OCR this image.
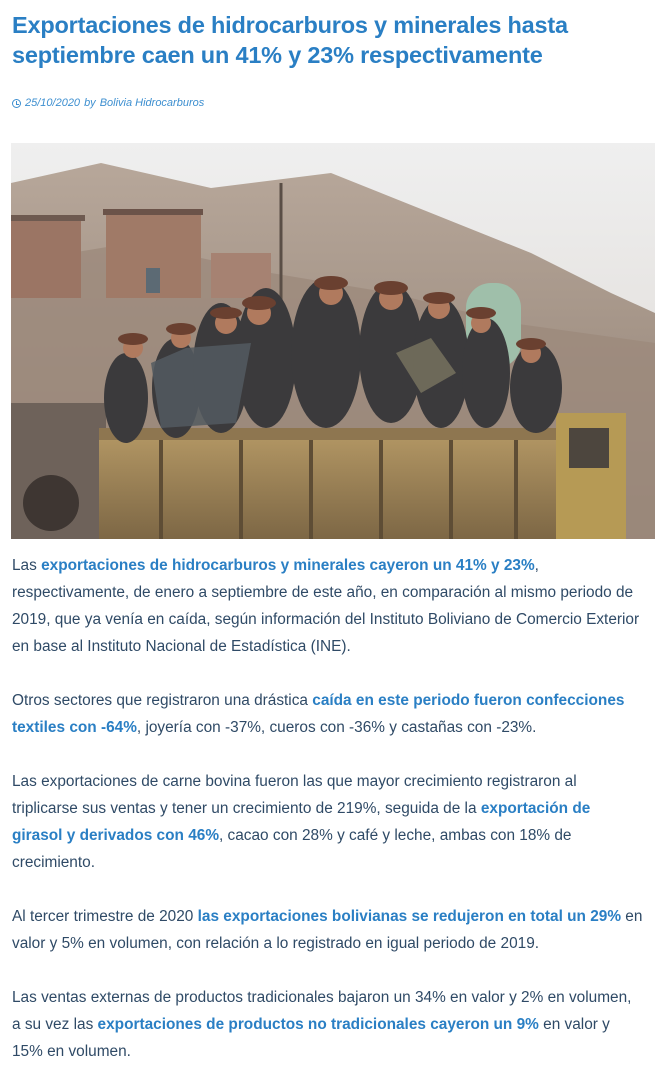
Exportaciones de hidrocarburos y minerales hasta septiembre caen un 41% y 23% respectivamente
25/10/2020 by Bolivia Hidrocarburos

Las exportaciones de hidrocarburos y minerales cayeron un 41% y 23%, respectivamente, de enero a septiembre de este año, en comparación al mismo periodo de 2019, que ya venía en caída, según información del Instituto Boliviano de Comercio Exterior en base al Instituto Nacional de Estadística (INE).

Otros sectores que registraron una drástica caída en este periodo fueron confecciones textiles con -64%, joyería con -37%, cueros con -36% y castañas con -23%.

Las exportaciones de carne bovina fueron las que mayor crecimiento registraron al triplicarse sus ventas y tener un crecimiento de 219%, seguida de la exportación de girasol y derivados con 46%, cacao con 28% y café y leche, ambas con 18% de crecimiento.

Al tercer trimestre de 2020 las exportaciones bolivianas se redujeron en total un 29% en valor y 5% en volumen, con relación a lo registrado en igual periodo de 2019.

Las ventas externas de productos tradicionales bajaron un 34% en valor y 2% en volumen, a su vez las exportaciones de productos no tradicionales cayeron un 9% en valor y 15% en volumen.
